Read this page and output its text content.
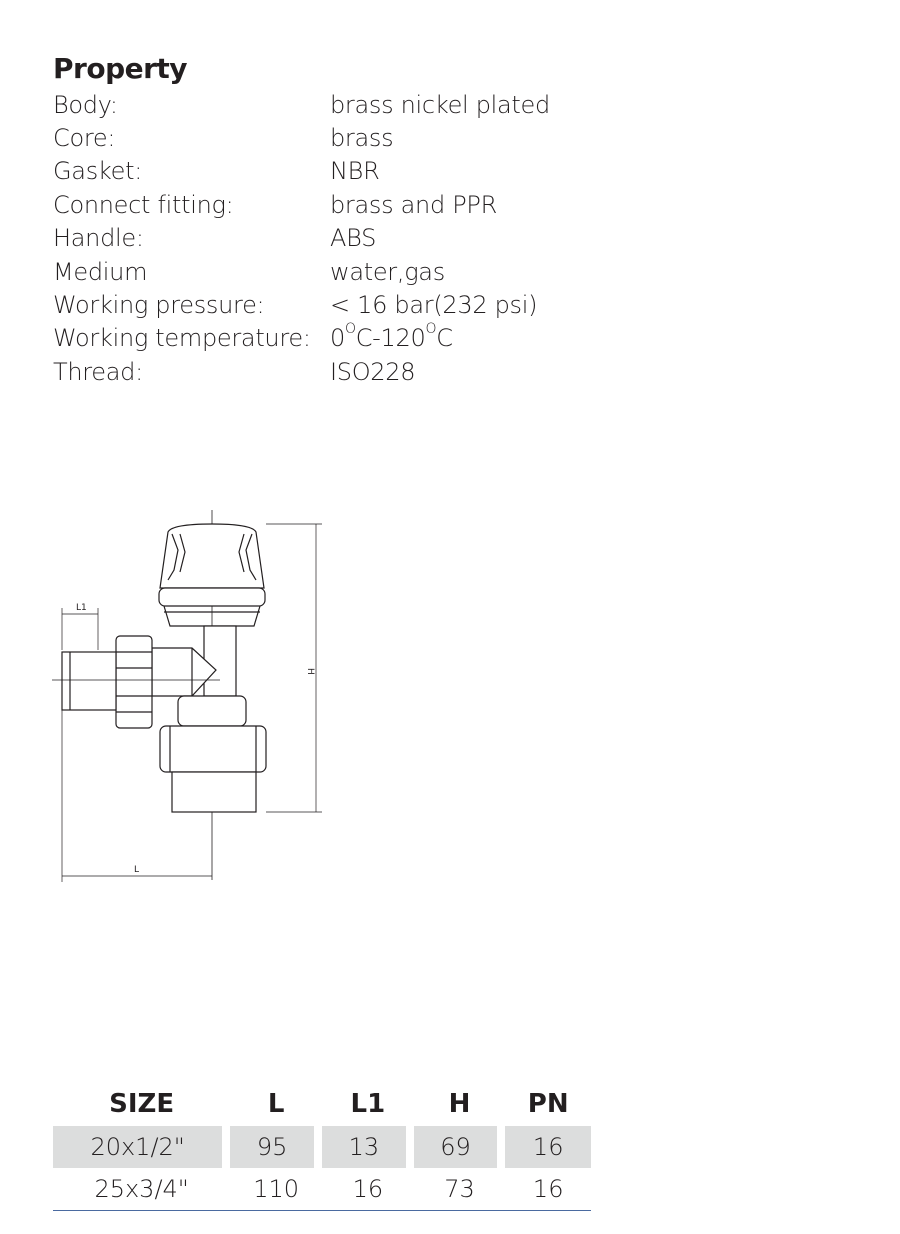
Property
Body:	brass nickel plated
Core:	brass
Gasket:	NBR
Connect fitting:	brass and PPR
Handle:	ABS
Medium	water,gas
Working pressure:	< 16 bar(232 psi)
Working temperature: $0^OC-120^OC$
Thread:	ISO228
L1
H
L
SIZE	L	L1	H	PN
20x1/2"	95	13	69	16
25x3/4"	110	16	73	16
